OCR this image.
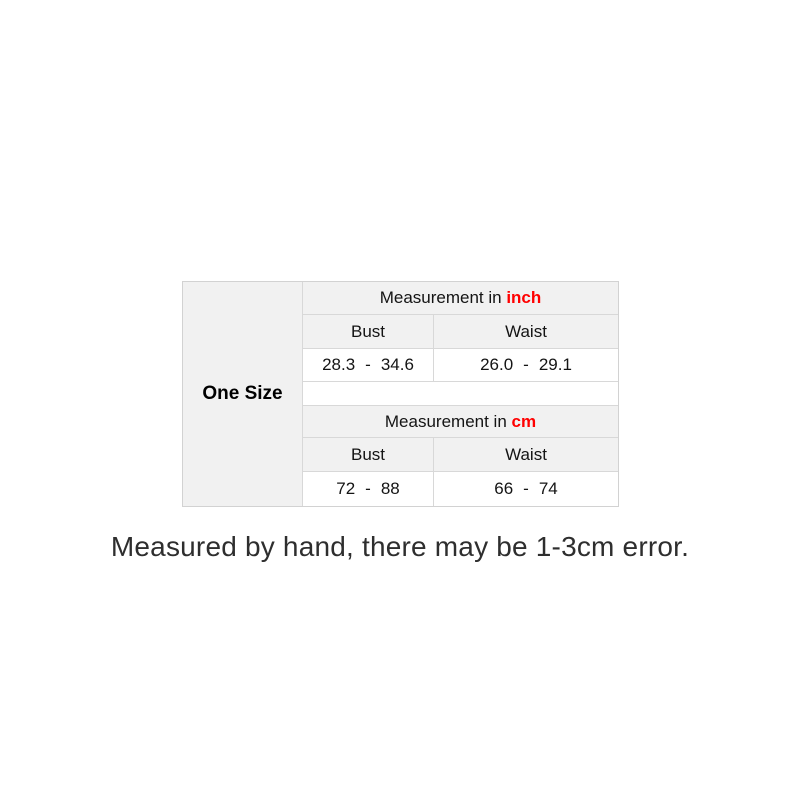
One Size
Measurement in inch
Bust	Waist
28.3 - 34.6	26.0 - 29.1
Measurement in cm
Bust	Waist
72 - 88	66 - 74
Measured by hand, there may be 1-3cm error.
